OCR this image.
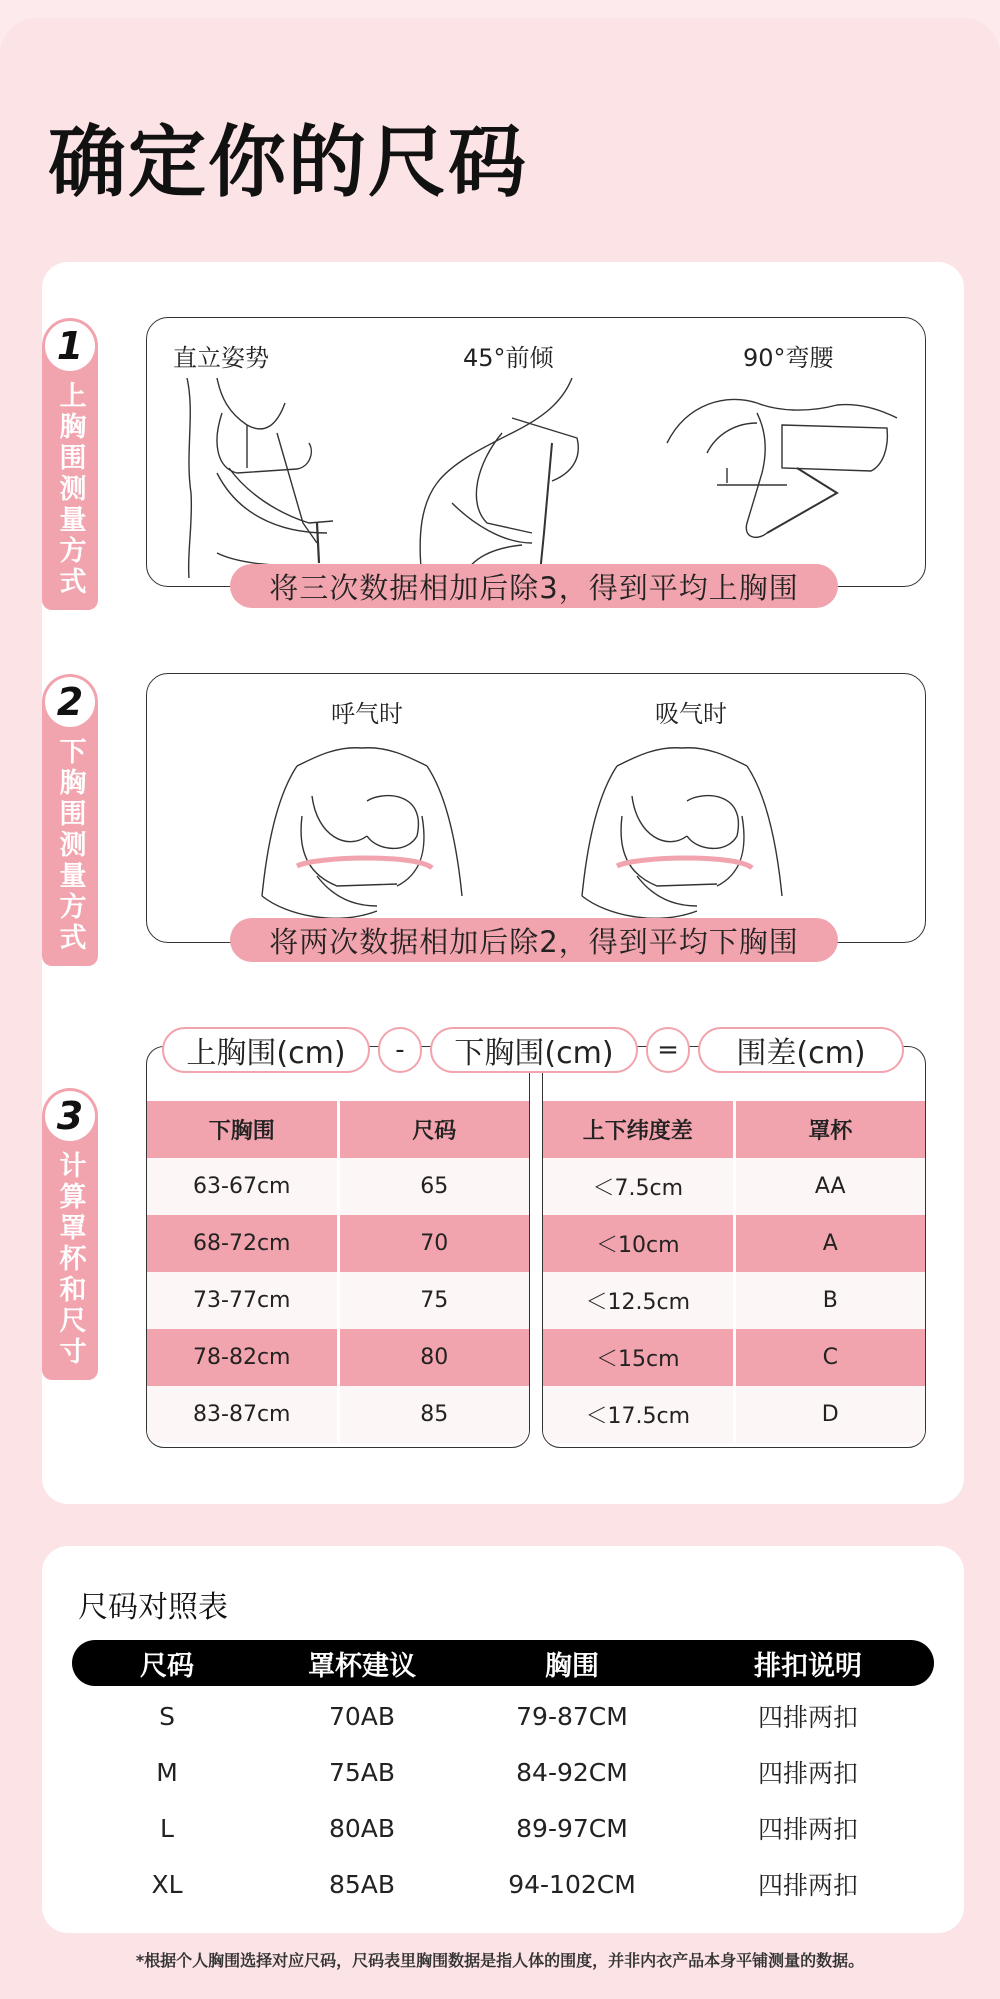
确定你的尺码
1
上胸围测量方式
直立姿势	45°前倾	90°弯腰
将三次数据相加后除3，得到平均上胸围
2
下胸围测量方式
呼气时	吸气时
将两次数据相加后除2，得到平均下胸围
3
计算罩杯和尺寸
下胸围	尺码
63-67cm	65
68-72cm	70
73-77cm	75
78-82cm	80
83-87cm	85
上下纬度差	罩杯
＜7.5cm	AA
＜10cm	A
＜12.5cm	B
＜15cm	C
＜17.5cm	D
上胸围(cm)	-	下胸围(cm)	=	围差(cm)
尺码对照表
尺码	罩杯建议	胸围	排扣说明
S	70AB	79-87CM	四排两扣
M	75AB	84-92CM	四排两扣
L	80AB	89-97CM	四排两扣
XL	85AB	94-102CM	四排两扣
*根据个人胸围选择对应尺码，尺码表里胸围数据是指人体的围度，并非内衣产品本身平铺测量的数据。
